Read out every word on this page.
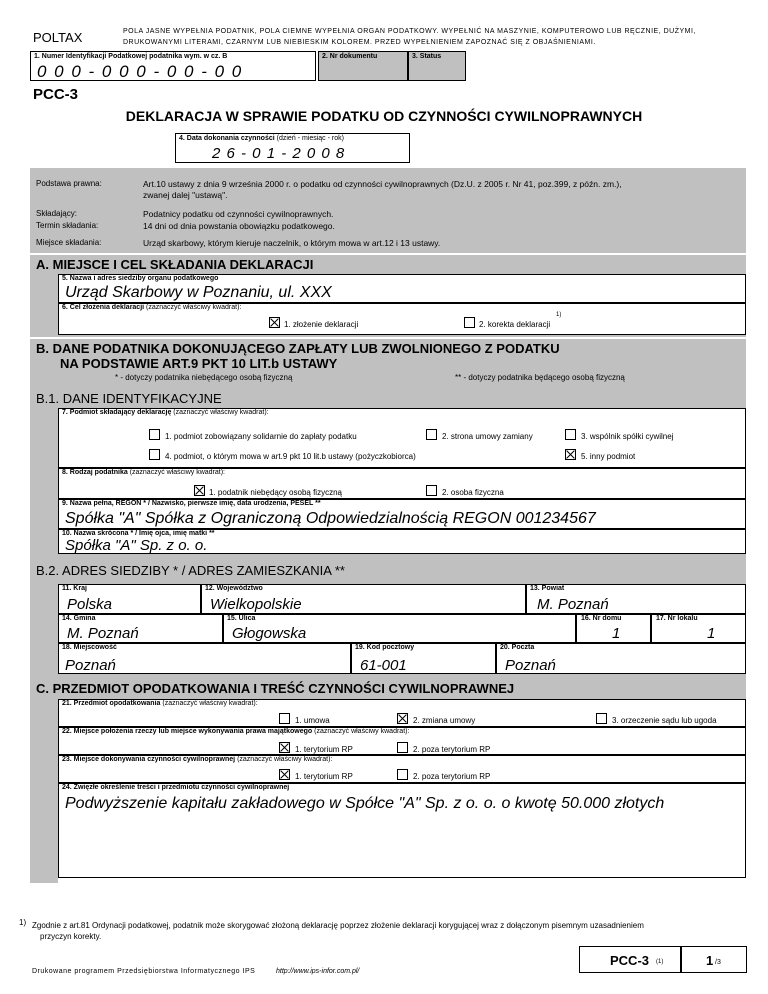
POLTAX	POLA JASNE WYPEŁNIA PODATNIK, POLA CIEMNE WYPEŁNIA ORGAN PODATKOWY. WYPEŁNIĆ NA MASZYNIE, KOMPUTEROWO LUB RĘCZNIE, DUŻYMI,
DRUKOWANYMI LITERAMI, CZARNYM LUB NIEBIESKIM KOLOREM. PRZED WYPEŁNIENIEM ZAPOZNAĆ SIĘ Z OBJAŚNIENIAMI.
1. Numer Identyfikacji Podatkowej podatnika wym. w cz. B
0 0 0 - 0 0 0 - 0 0 - 0 0
2. Nr dokumentu	3. Status
PCC-3
DEKLARACJA W SPRAWIE PODATKU OD CZYNNOŚCI CYWILNOPRAWNYCH
4. Data dokonania czynności (dzień - miesiąc - rok)
2 6 - 0 1 - 2 0 0 8
Podstawa prawna:	Art.10 ustawy z dnia 9 września 2000 r. o podatku od czynności cywilnoprawnych (Dz.U. z 2005 r. Nr 41, poz.399, z późn. zm.),
zwanej dalej "ustawą".
Składający:	Podatnicy podatku od czynności cywilnoprawnych.
Termin składania:	14 dni od dnia powstania obowiązku podatkowego.
Miejsce składania:	Urząd skarbowy, którym kieruje naczelnik, o którym mowa w art.12 i 13 ustawy.
A. MIEJSCE I CEL SKŁADANIA DEKLARACJI
5. Nazwa i adres siedziby organu podatkowego
Urząd Skarbowy w Poznaniu, ul. XXX
6. Cel złożenia deklaracji (zaznaczyć właściwy kwadrat):
1. złożenie deklaracji	2. korekta deklaracji
1)
B. DANE PODATNIKA DOKONUJĄCEGO ZAPŁATY LUB ZWOLNIONEGO Z PODATKU
NA PODSTAWIE ART.9 PKT 10 LIT.b USTAWY
* - dotyczy podatnika niebędącego osobą fizyczną	** - dotyczy podatnika będącego osobą fizyczną
B.1. DANE IDENTYFIKACYJNE
7. Podmiot składający deklarację (zaznaczyć właściwy kwadrat):
1. podmiot zobowiązany solidarnie do zapłaty podatku	2. strona umowy zamiany	3. wspólnik spółki cywilnej
4. podmiot, o którym mowa w art.9 pkt 10 lit.b ustawy (pożyczkobiorca)	5. inny podmiot
8. Rodzaj podatnika (zaznaczyć właściwy kwadrat):
1. podatnik niebędący osobą fizyczną	2. osoba fizyczna
9. Nazwa pełna, REGON * / Nazwisko, pierwsze imię, data urodzenia, PESEL **
Spółka "A" Spółka z Ograniczoną Odpowiedzialnością REGON 001234567
10. Nazwa skrócona * / Imię ojca, imię matki **
Spółka "A" Sp. z o. o.
B.2. ADRES SIEDZIBY * / ADRES ZAMIESZKANIA **
11. Kraj
Polska
12. Województwo
Wielkopolskie
13. Powiat
M. Poznań
14. Gmina
M. Poznań
15. Ulica
Głogowska
16. Nr domu
1
17. Nr lokalu
1
18. Miejscowość
Poznań
19. Kod pocztowy
61-001
20. Poczta
Poznań
C. PRZEDMIOT OPODATKOWANIA I TREŚĆ CZYNNOŚCI CYWILNOPRAWNEJ
21. Przedmiot opodatkowania (zaznaczyć właściwy kwadrat):
1. umowa	2. zmiana umowy	3. orzeczenie sądu lub ugoda
22. Miejsce położenia rzeczy lub miejsce wykonywania prawa majątkowego (zaznaczyć właściwy kwadrat):
1. terytorium RP	2. poza terytorium RP
23. Miejsce dokonywania czynności cywilnoprawnej (zaznaczyć właściwy kwadrat):
1. terytorium RP	2. poza terytorium RP
24. Zwięzłe określenie treści i przedmiotu czynności cywilnoprawnej
Podwyższenie kapitału zakładowego w Spółce "A" Sp. z o. o. o kwotę 50.000 złotych
1) Zgodnie z art.81 Ordynacji podatkowej, podatnik może skorygować złożoną deklarację poprzez złożenie deklaracji korygującej wraz z dołączonym pisemnym uzasadnieniem
przyczyn korekty.
Drukowane programem Przedsiębiorstwa Informatycznego IPS	http://www.ips-infor.com.pl/
PCC-3 (1)	1 /3
